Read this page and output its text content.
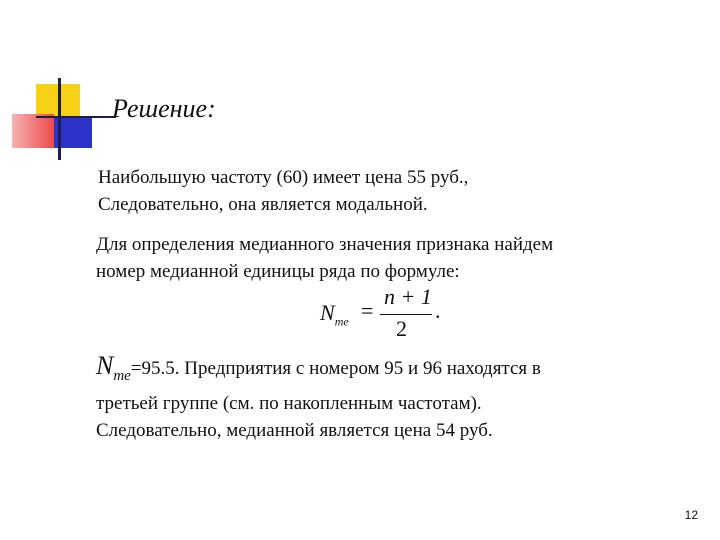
Решение:
Наибольшую частоту (60) имеет цена 55 руб.,
Следовательно, она является модальной.
Для определения медианного значения признака найдем
номер медианной единицы ряда по формуле:
$N_{me}$ =
n + 1
2
.
$N_{me}=95.5$. Предприятия с номером 95 и 96 находятся в
третьей группе (см. по накопленным частотам).
Следовательно, медианной является цена 54 руб.
12
